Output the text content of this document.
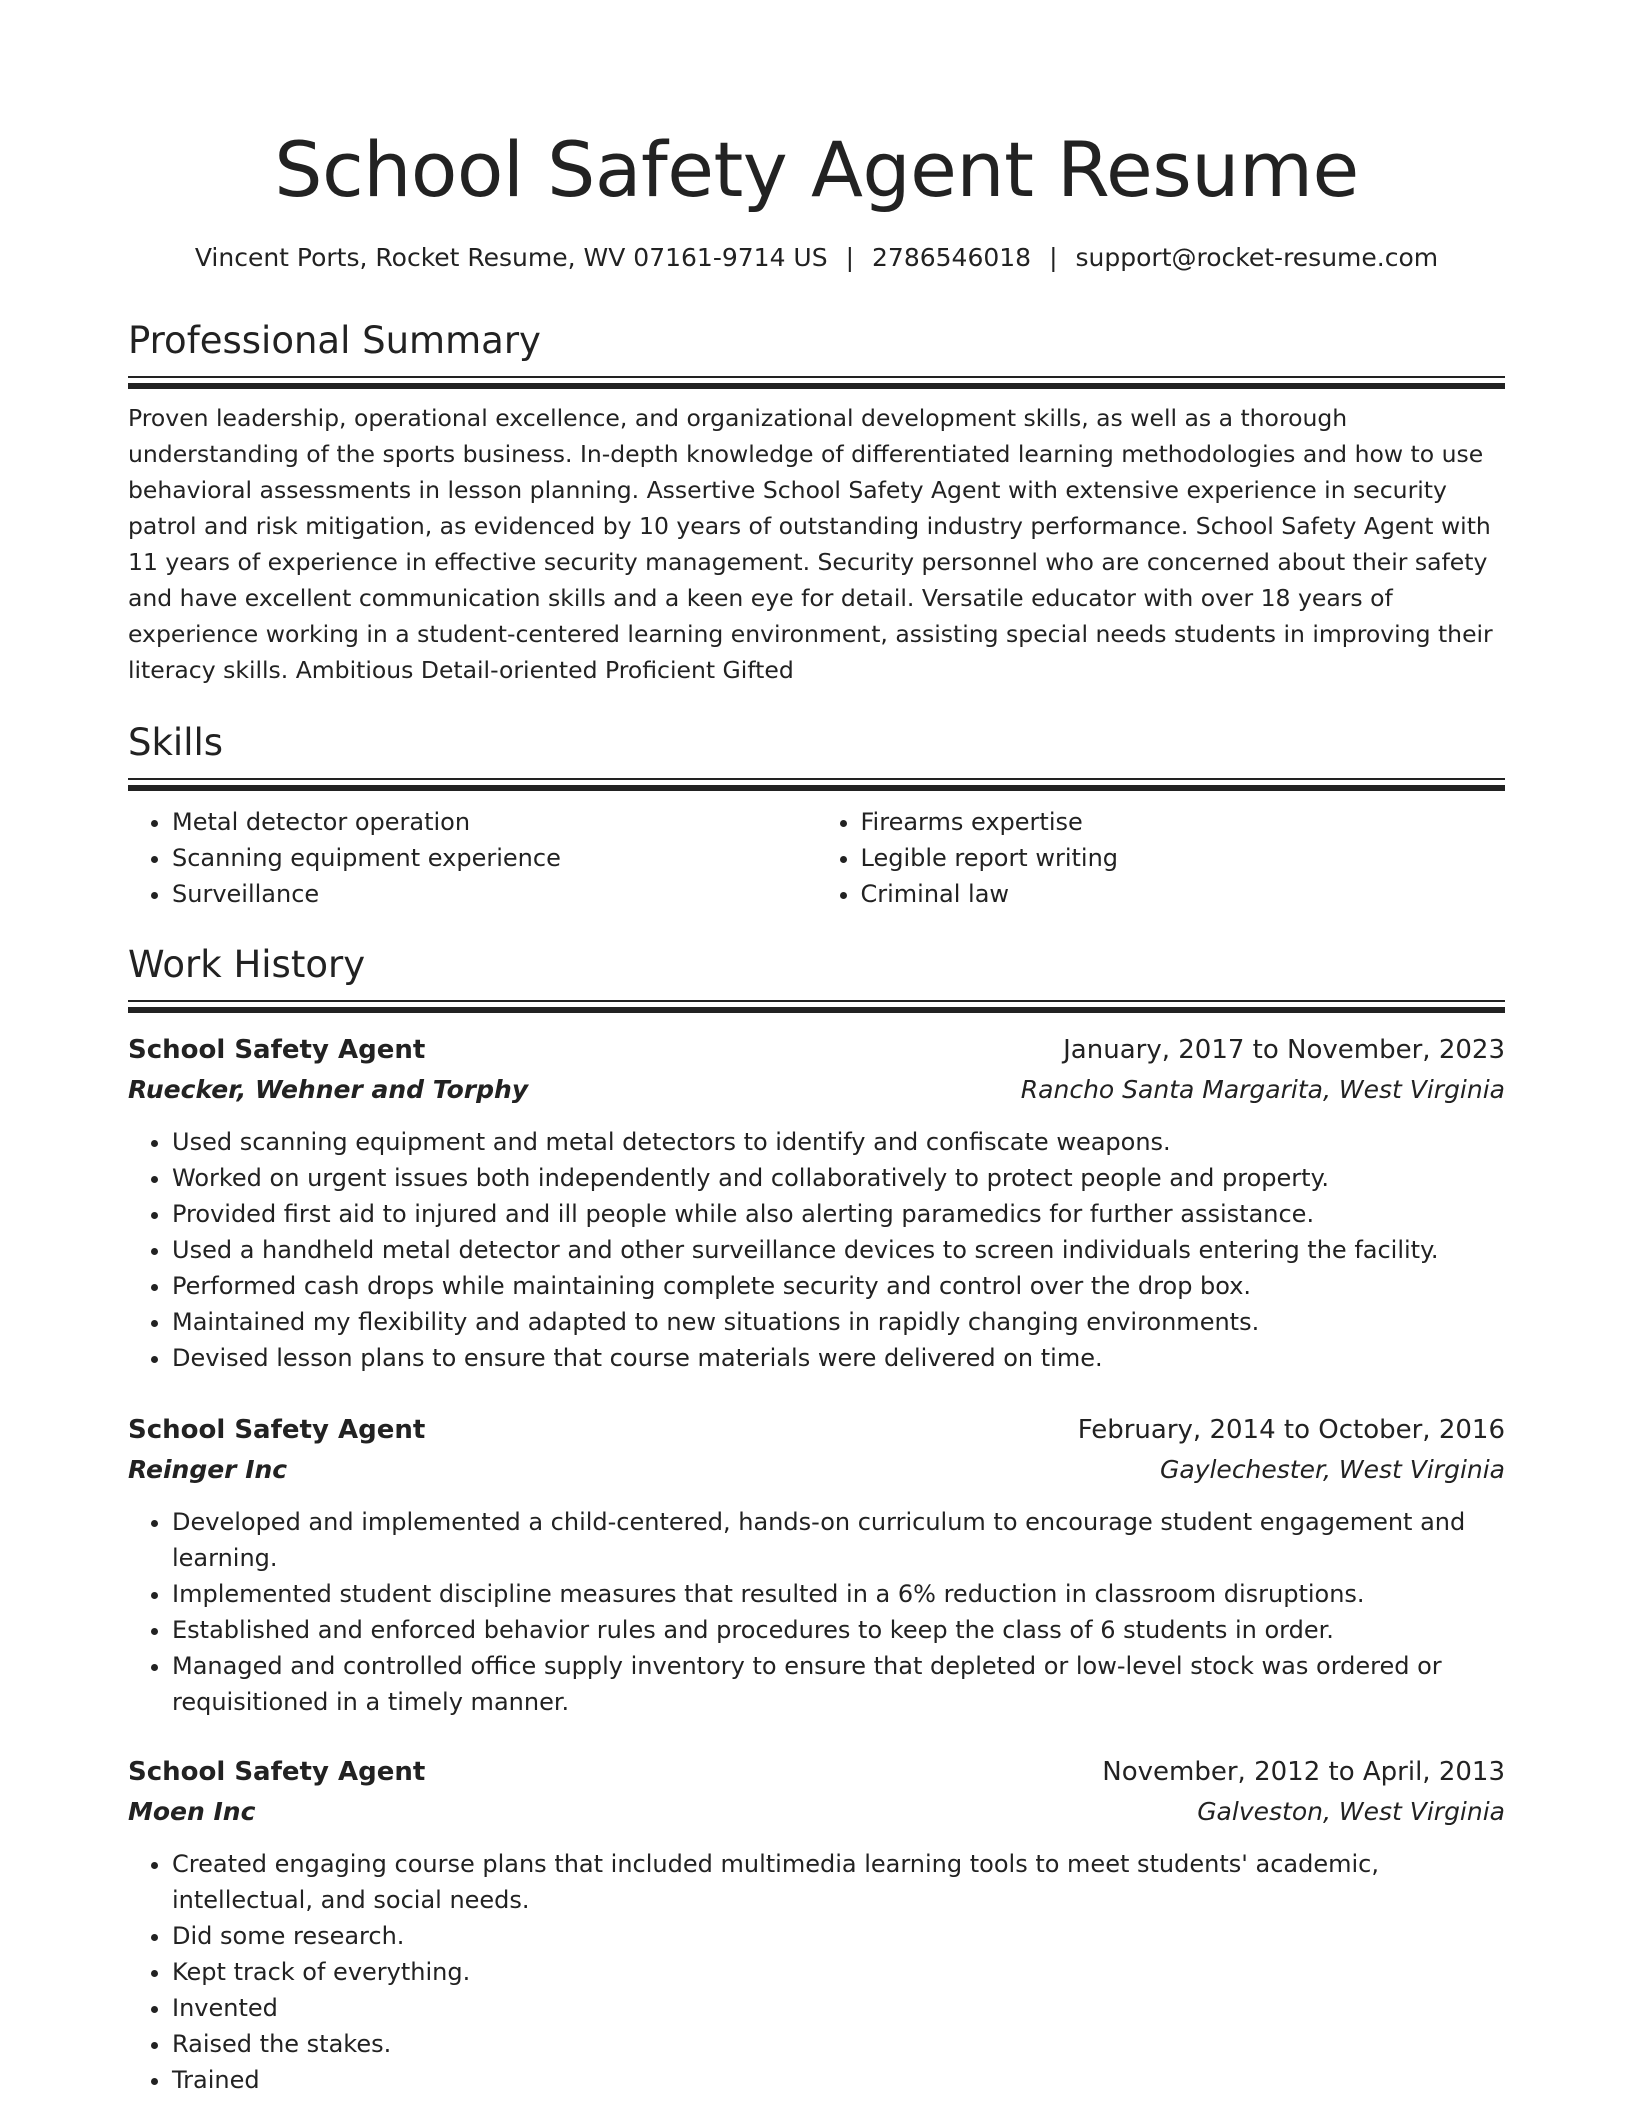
School Safety Agent Resume
Vincent Ports, Rocket Resume, WV 07161-9714 US | 2786546018 | support@rocket-resume.com
Professional Summary
Proven leadership, operational excellence, and organizational development skills, as well as a thorough understanding of the sports business. In-depth knowledge of differentiated learning methodologies and how to use behavioral assessments in lesson planning. Assertive School Safety Agent with extensive experience in security patrol and risk mitigation, as evidenced by 10 years of outstanding industry performance. School Safety Agent with 11 years of experience in effective security management. Security personnel who are concerned about their safety and have excellent communication skills and a keen eye for detail. Versatile educator with over 18 years of experience working in a student-centered learning environment, assisting special needs students in improving their literacy skills. Ambitious Detail-oriented Proficient Gifted
Skills
• Metal detector operation
• Scanning equipment experience
• Surveillance
• Firearms expertise
• Legible report writing
• Criminal law
Work History
School Safety Agent	January, 2017 to November, 2023
Ruecker, Wehner and Torphy	Rancho Santa Margarita, West Virginia
• Used scanning equipment and metal detectors to identify and confiscate weapons.
• Worked on urgent issues both independently and collaboratively to protect people and property.
• Provided first aid to injured and ill people while also alerting paramedics for further assistance.
• Used a handheld metal detector and other surveillance devices to screen individuals entering the facility.
• Performed cash drops while maintaining complete security and control over the drop box.
• Maintained my flexibility and adapted to new situations in rapidly changing environments.
• Devised lesson plans to ensure that course materials were delivered on time.
School Safety Agent	February, 2014 to October, 2016
Reinger Inc	Gaylechester, West Virginia
• Developed and implemented a child-centered, hands-on curriculum to encourage student engagement and learning.
• Implemented student discipline measures that resulted in a 6% reduction in classroom disruptions.
• Established and enforced behavior rules and procedures to keep the class of 6 students in order.
• Managed and controlled office supply inventory to ensure that depleted or low-level stock was ordered or requisitioned in a timely manner.
School Safety Agent	November, 2012 to April, 2013
Moen Inc	Galveston, West Virginia
• Created engaging course plans that included multimedia learning tools to meet students' academic, intellectual, and social needs.
• Did some research.
• Kept track of everything.
• Invented
• Raised the stakes.
• Trained
